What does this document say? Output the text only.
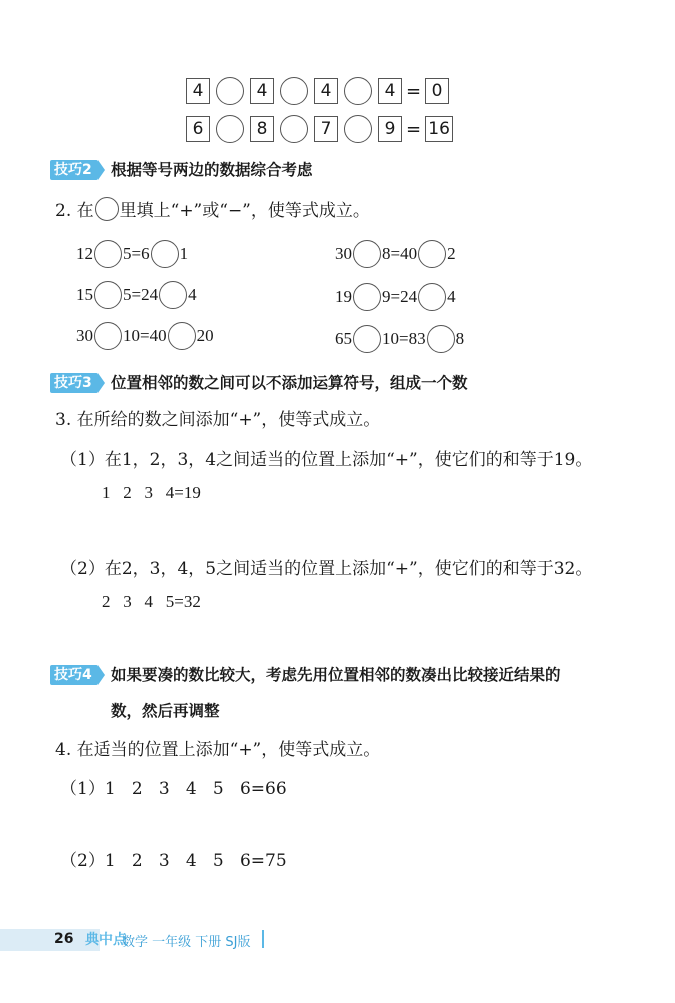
4	4	4	4 = 0
6	8	7	9 = 16
技巧2	根据等号两边的数据综合考虑
2. 在 里填上“+”或“−”，使等式成立。
12 5=6 1
15 5=24 4
30 10=40 20
30 8=40 2
19 9=24 4
65 10=83 8
技巧3	位置相邻的数之间可以不添加运算符号，组成一个数
3. 在所给的数之间添加“+”，使等式成立。
（1）在1，2，3，4之间适当的位置上添加“+”，使它们的和等于19。
1   2   3   4=19
（2）在2，3，4，5之间适当的位置上添加“+”，使它们的和等于32。
2   3   4   5=32
技巧4	如果要凑的数比较大，考虑先用位置相邻的数凑出比较接近结果的
数，然后再调整
4. 在适当的位置上添加“+”，使等式成立。
（1）1   2   3   4   5   6=66
（2）1   2   3   4   5   6=75
26 典中点
数学 一年级 下册 SJ版
